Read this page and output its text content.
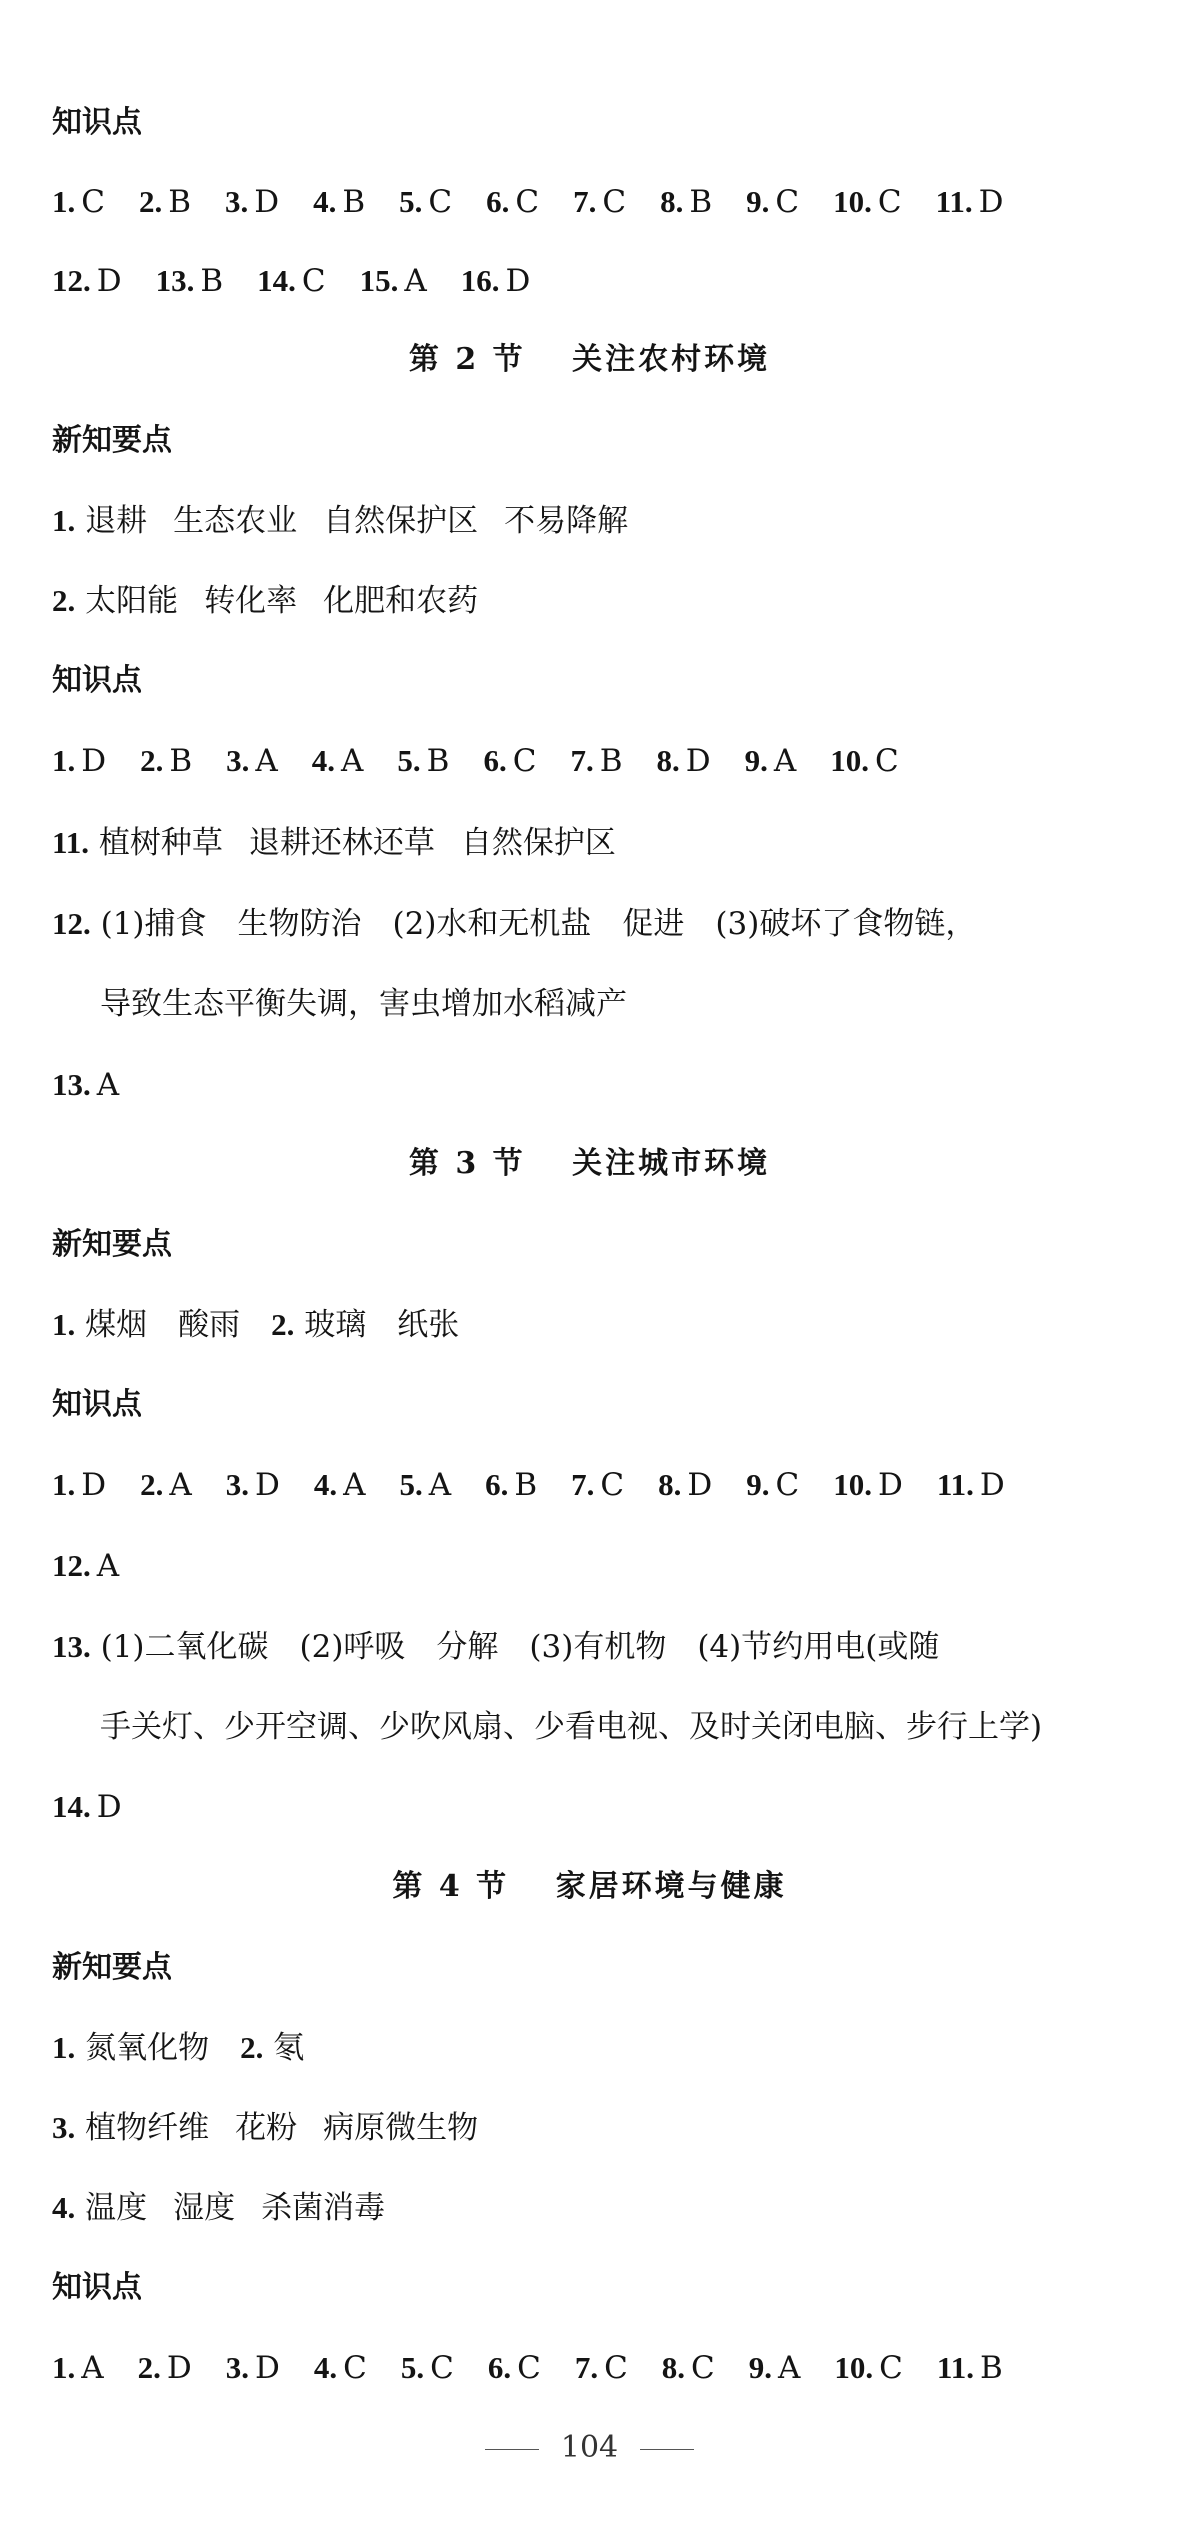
知识点
1. C 2. B 3. D 4. B 5. C 6. C 7. C 8. B 9. C 10. C 11. D
12. D 13. B 14. C 15. A 16. D
第 2 节　 关注农村环境
新知要点
1. 退耕 生态农业 自然保护区 不易降解
2. 太阳能 转化率 化肥和农药
知识点
1. D 2. B 3. A 4. A 5. B 6. C 7. B 8. D 9. A 10. C
11. 植树种草 退耕还林还草 自然保护区
12. (1)捕食　生物防治　(2)水和无机盐　促进　(3)破坏了食物链，
导致生态平衡失调，害虫增加水稻减产
13. A
第 3 节　 关注城市环境
新知要点
1. 煤烟　酸雨　2. 玻璃　纸张
知识点
1. D 2. A 3. D 4. A 5. A 6. B 7. C 8. D 9. C 10. D 11. D
12. A
13. (1)二氧化碳　(2)呼吸　分解　(3)有机物　(4)节约用电(或随
手关灯、少开空调、少吹风扇、少看电视、及时关闭电脑、步行上学)
14. D
第 4 节　 家居环境与健康
新知要点
1. 氮氧化物　2. 氡
3. 植物纤维 花粉 病原微生物
4. 温度 湿度 杀菌消毒
知识点
1. A 2. D 3. D 4. C 5. C 6. C 7. C 8. C 9. A 10. C 11. B
104
